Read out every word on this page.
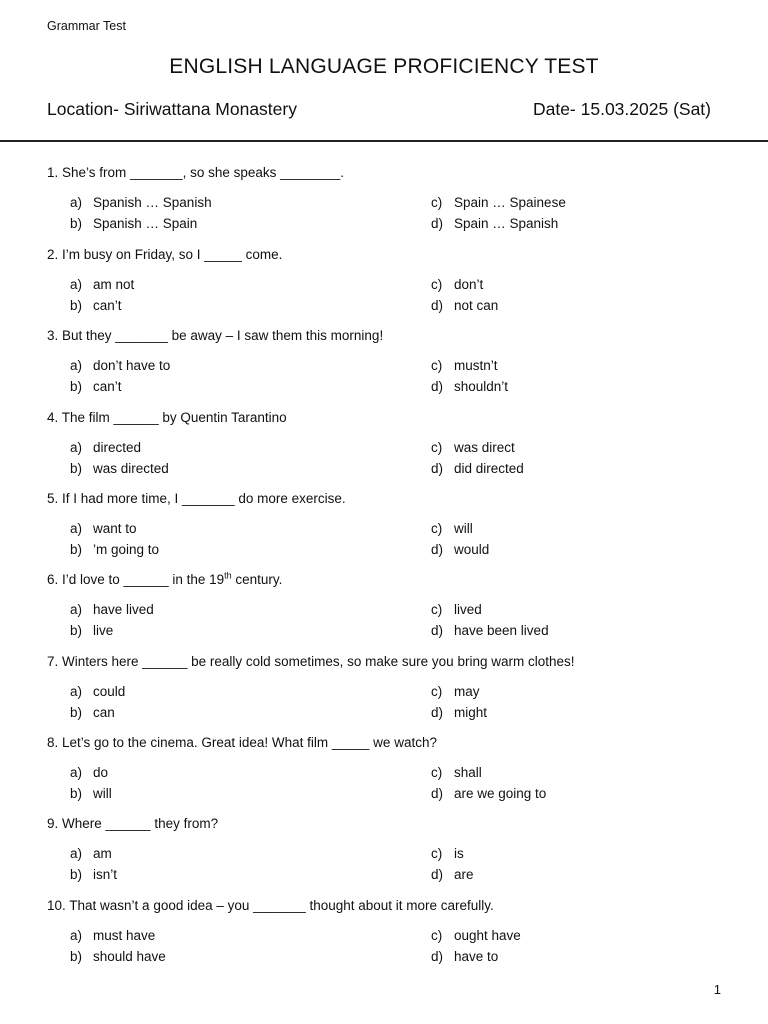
Grammar Test
ENGLISH LANGUAGE PROFICIENCY TEST
Location- Siriwattana Monastery	Date- 15.03.2025 (Sat)
1. She’s from _______, so she speaks ________.
a) Spanish … Spanish
b) Spanish … Spain
c) Spain … Spainese
d) Spain … Spanish
2. I’m busy on Friday, so I _____ come.
a) am not
b) can’t
c) don’t
d) not can
3. But they _______ be away – I saw them this morning!
a) don’t have to
b) can’t
c) mustn’t
d) shouldn’t
4. The film ______ by Quentin Tarantino
a) directed
b) was directed
c) was direct
d) did directed
5. If I had more time, I _______ do more exercise.
a) want to
b) ’m going to
c) will
d) would
6. I’d love to ______ in the 19th century.
a) have lived
b) live
c) lived
d) have been lived
7. Winters here ______ be really cold sometimes, so make sure you bring warm clothes!
a) could
b) can
c) may
d) might
8. Let’s go to the cinema. Great idea! What film _____ we watch?
a) do
b) will
c) shall
d) are we going to
9. Where ______ they from?
a) am
b) isn’t
c) is
d) are
10. That wasn’t a good idea – you _______ thought about it more carefully.
a) must have
b) should have
c) ought have
d) have to
1
